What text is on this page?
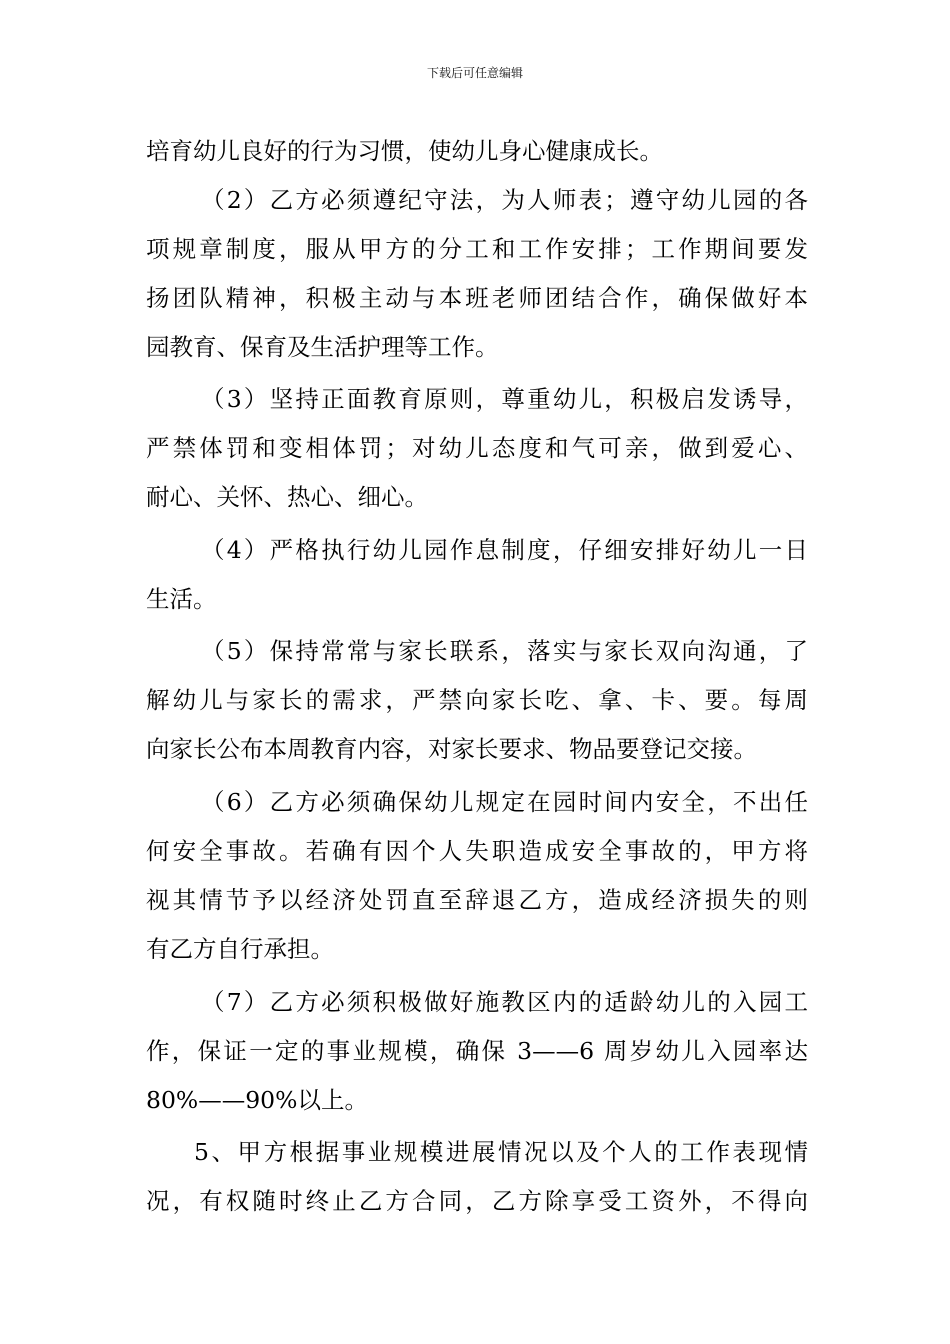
下载后可任意编辑
培育幼儿良好的行为习惯，使幼儿身心健康成长。
（2）乙方必须遵纪守法，为人师表；遵守幼儿园的各
项规章制度，服从甲方的分工和工作安排；工作期间要发
扬团队精神，积极主动与本班老师团结合作，确保做好本
园教育、保育及生活护理等工作。
（3）坚持正面教育原则，尊重幼儿，积极启发诱导，
严禁体罚和变相体罚；对幼儿态度和气可亲，做到爱心、
耐心、关怀、热心、细心。
（4）严格执行幼儿园作息制度，仔细安排好幼儿一日
生活。
（5）保持常常与家长联系，落实与家长双向沟通，了
解幼儿与家长的需求，严禁向家长吃、拿、卡、要。每周
向家长公布本周教育内容，对家长要求、物品要登记交接。
（6）乙方必须确保幼儿规定在园时间内安全，不出任
何安全事故。若确有因个人失职造成安全事故的，甲方将
视其情节予以经济处罚直至辞退乙方，造成经济损失的则
有乙方自行承担。
（7）乙方必须积极做好施教区内的适龄幼儿的入园工
作，保证一定的事业规模，确保 3——6 周岁幼儿入园率达
80%——90%以上。
5、甲方根据事业规模进展情况以及个人的工作表现情
况，有权随时终止乙方合同，乙方除享受工资外，不得向
